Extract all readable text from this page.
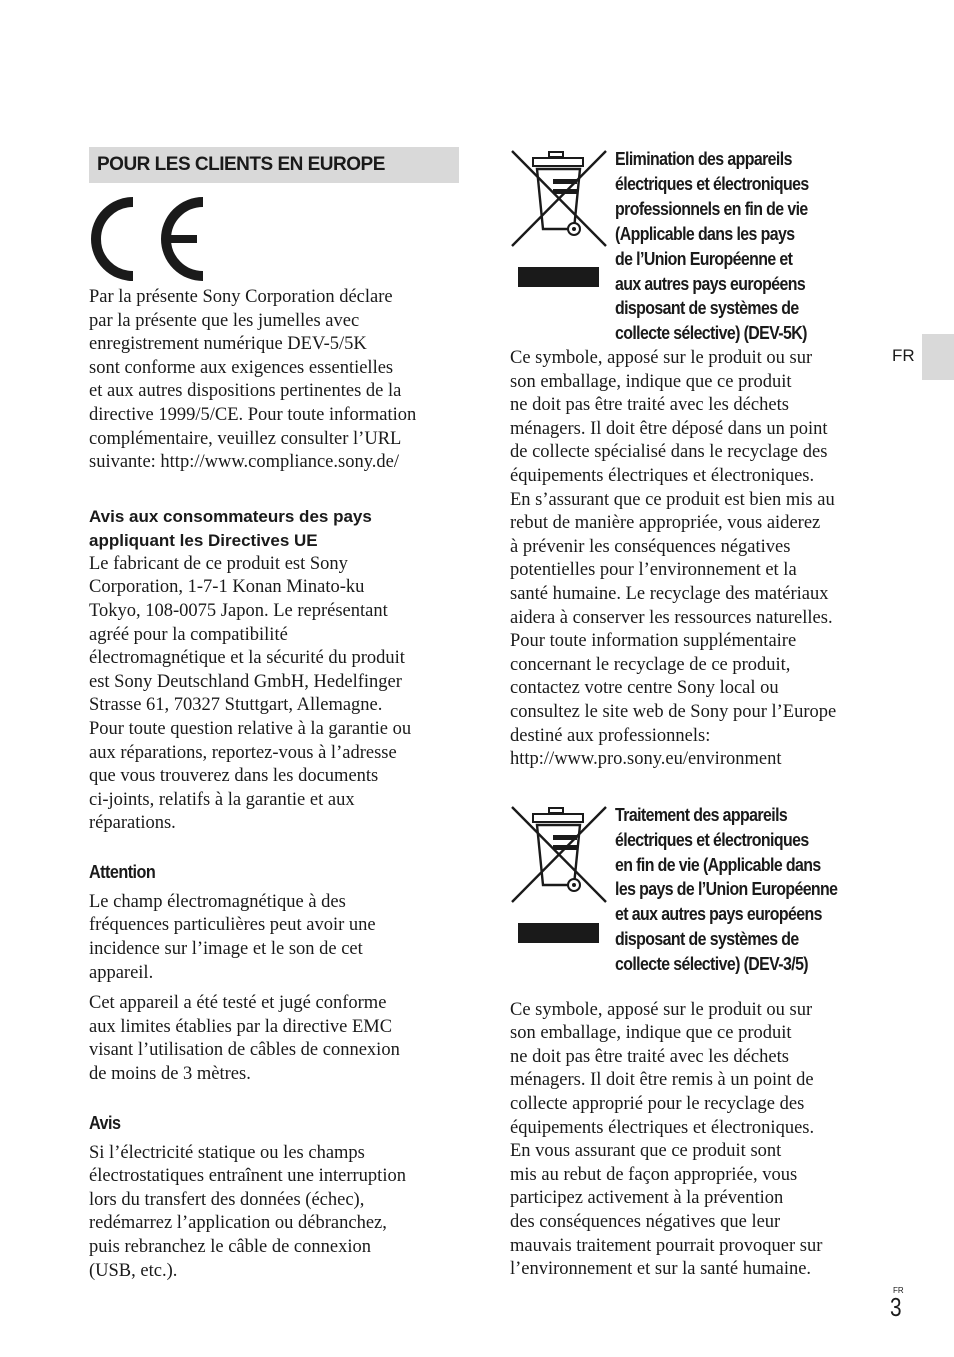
FR
POUR LES CLIENTS EN EUROPE
Par la présente Sony Corporation déclare
par la présente que les jumelles avec
enregistrement numérique DEV-5/5K
sont conforme aux exigences essentielles
et aux autres dispositions pertinentes de la
directive 1999/5/CE. Pour toute information
complémentaire, veuillez consulter l’URL
suivante: http://www.compliance.sony.de/
Avis aux consommateurs des pays
appliquant les Directives UE
Le fabricant de ce produit est Sony
Corporation, 1-7-1 Konan Minato-ku
Tokyo, 108-0075 Japon. Le représentant
agréé pour la compatibilité
électromagnétique et la sécurité du produit
est Sony Deutschland GmbH, Hedelfinger
Strasse 61, 70327 Stuttgart, Allemagne.
Pour toute question relative à la garantie ou
aux réparations, reportez-vous à l’adresse
que vous trouverez dans les documents
ci-joints, relatifs à la garantie et aux
réparations.
Attention
Le champ électromagnétique à des
fréquences particulières peut avoir une
incidence sur l’image et le son de cet
appareil.
Cet appareil a été testé et jugé conforme
aux limites établies par la directive EMC
visant l’utilisation de câbles de connexion
de moins de 3 mètres.
Avis
Si l’électricité statique ou les champs
électrostatiques entraînent une interruption
lors du transfert des données (échec),
redémarrez l’application ou débranchez,
puis rebranchez le câble de connexion
(USB, etc.).
Elimination des appareils
électriques et électroniques
professionnels en fin de vie
(Applicable dans les pays
de l’Union Européenne et
aux autres pays européens
disposant de systèmes de
collecte sélective) (DEV-5K)
Ce symbole, apposé sur le produit ou sur
son emballage, indique que ce produit
ne doit pas être traité avec les déchets
ménagers. Il doit être déposé dans un point
de collecte spécialisé dans le recyclage des
équipements électriques et électroniques.
En s’assurant que ce produit est bien mis au
rebut de manière appropriée, vous aiderez
à prévenir les conséquences négatives
potentielles pour l’environnement et la
santé humaine. Le recyclage des matériaux
aidera à conserver les ressources naturelles.
Pour toute information supplémentaire
concernant le recyclage de ce produit,
contactez votre centre Sony local ou
consultez le site web de Sony pour l’Europe
destiné aux professionnels:
http://www.pro.sony.eu/environment
Traitement des appareils
électriques et électroniques
en fin de vie (Applicable dans
les pays de l’Union Européenne
et aux autres pays européens
disposant de systèmes de
collecte sélective) (DEV-3/5)
Ce symbole, apposé sur le produit ou sur
son emballage, indique que ce produit
ne doit pas être traité avec les déchets
ménagers. Il doit être remis à un point de
collecte approprié pour le recyclage des
équipements électriques et électroniques.
En vous assurant que ce produit sont
mis au rebut de façon appropriée, vous
participez activement à la prévention
des conséquences négatives que leur
mauvais traitement pourrait provoquer sur
l’environnement et sur la santé humaine.
FR
3
